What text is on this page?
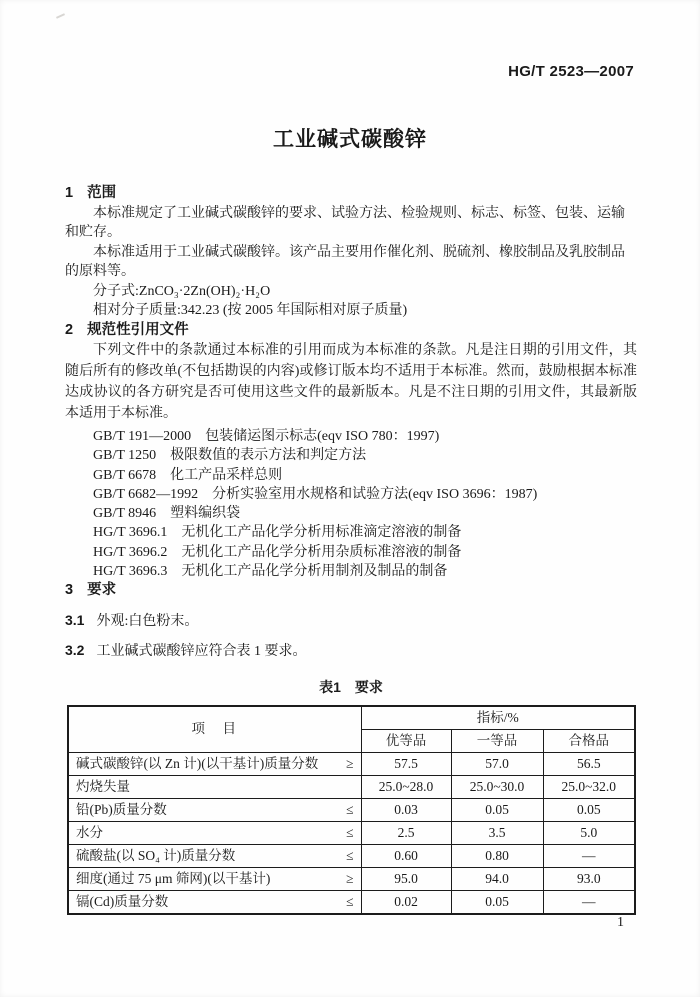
HG/T 2523—2007
工业碱式碳酸锌

1 范围

本标准规定了工业碱式碳酸锌的要求、试验方法、检验规则、标志、标签、包装、运输和贮存。

本标准适用于工业碱式碳酸锌。该产品主要用作催化剂、脱硫剂、橡胶制品及乳胶制品的原料等。

分子式:ZnCO₃·2Zn(OH)₂·H₂O

相对分子质量:342.23 (按 2005 年国际相对原子质量)

2 规范性引用文件

下列文件中的条款通过本标准的引用而成为本标准的条款。凡是注日期的引用文件，其随后所有的修改单(不包括勘误的内容)或修订版本均不适用于本标准。然而，鼓励根据本标准达成协议的各方研究是否可使用这些文件的最新版本。凡是不注日期的引用文件，其最新版本适用于本标准。

GB/T 191—2000　包装储运图示标志(eqv ISO 780：1997)
GB/T 1250　极限数值的表示方法和判定方法
GB/T 6678　化工产品采样总则
GB/T 6682—1992　分析实验室用水规格和试验方法(eqv ISO 3696：1987)
GB/T 8946　塑料编织袋
HG/T 3696.1　无机化工产品化学分析用标准滴定溶液的制备
HG/T 3696.2　无机化工产品化学分析用杂质标准溶液的制备
HG/T 3696.3　无机化工产品化学分析用制剂及制品的制备

3 要求

3.1 外观:白色粉末。

3.2 工业碱式碳酸锌应符合表 1 要求。

表1　要求

项　目	指标/%		
	优等品	一等品	合格品

碱式碳酸锌(以 Zn 计)(以干基计)质量分数 ≥	57.5	57.0	56.5

灼烧失量	25.0~28.0	25.0~30.0	25.0~32.0

铅(Pb)质量分数 ≤	0.03	0.05	0.05

水分 ≤	2.5	3.5	5.0

硫酸盐(以 SO₄ 计)质量分数 ≤	0.60	0.80	—

细度(通过 75 μm 筛网)(以干基计) ≥	95.0	94.0	93.0

镉(Cd)质量分数 ≤	0.02	0.05	—
1
